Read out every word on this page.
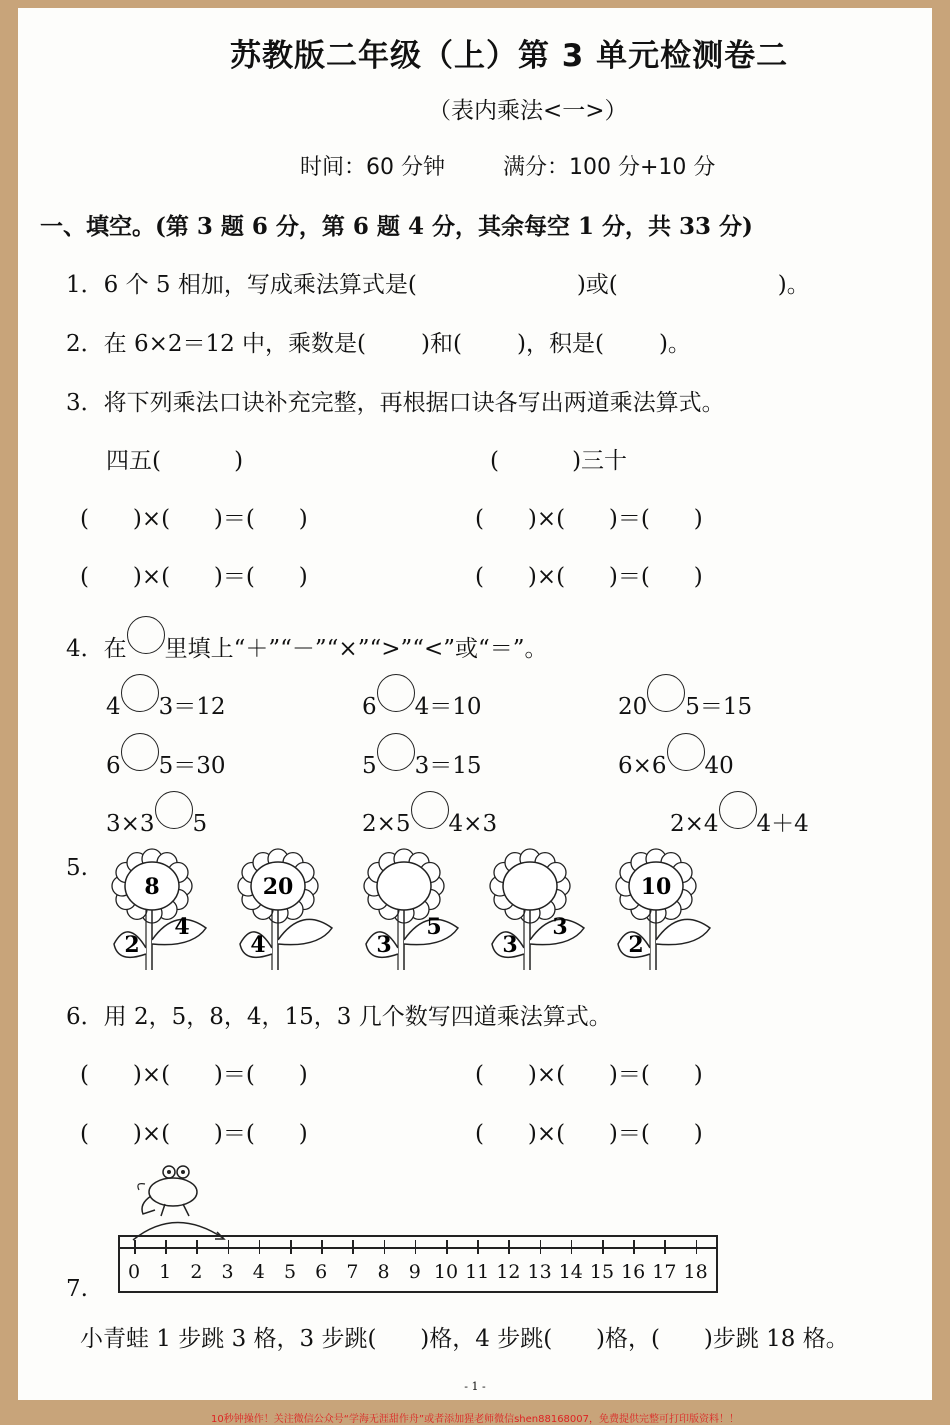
苏教版二年级（上）第 3 单元检测卷二
（表内乘法<一>）
时间：60 分钟	满分：100 分+10 分
一、填空。(第 3 题 6 分，第 6 题 4 分，其余每空 1 分，共 33 分)
1．6 个 5 相加，写成乘法算式是(	)或(	)。
2．在 6×2＝12 中，乘数是( )和( )，积是( )。
3．将下列乘法口诀补充完整，再根据口诀各写出两道乘法算式。
四五(          )	(          )三十
(      )×(      )＝(      )	(      )×(      )＝(      )
(      )×(      )＝(      )	(      )×(      )＝(      )
4．在 里填上“＋”“－”“×”“>”“<”或“＝”。
4 3＝12	6 4＝10	20 5＝15
6 5＝30	5 3＝15	6×6 40
3×3 5	2×5 4×3	2×4 4＋4
5.
8
2
4
20
4	3
5
3
3
10
2
6．用 2，5，8，4，15，3 几个数写四道乘法算式。
(      )×(      )＝(      )	(      )×(      )＝(      )
(      )×(      )＝(      )	(      )×(      )＝(      )
0 1 2 3 4 5 6 7 8 9 10 11 12 13 14 15 16 17 18
7.
小青蛙 1 步跳 3 格，3 步跳(      )格，4 步跳(      )格，(      )步跳 18 格。
- 1 -
10秒钟操作！关注微信公众号“学海无涯甜作舟”或者添加猩老师微信shen88168007，免费提供完整可打印版资料！！
